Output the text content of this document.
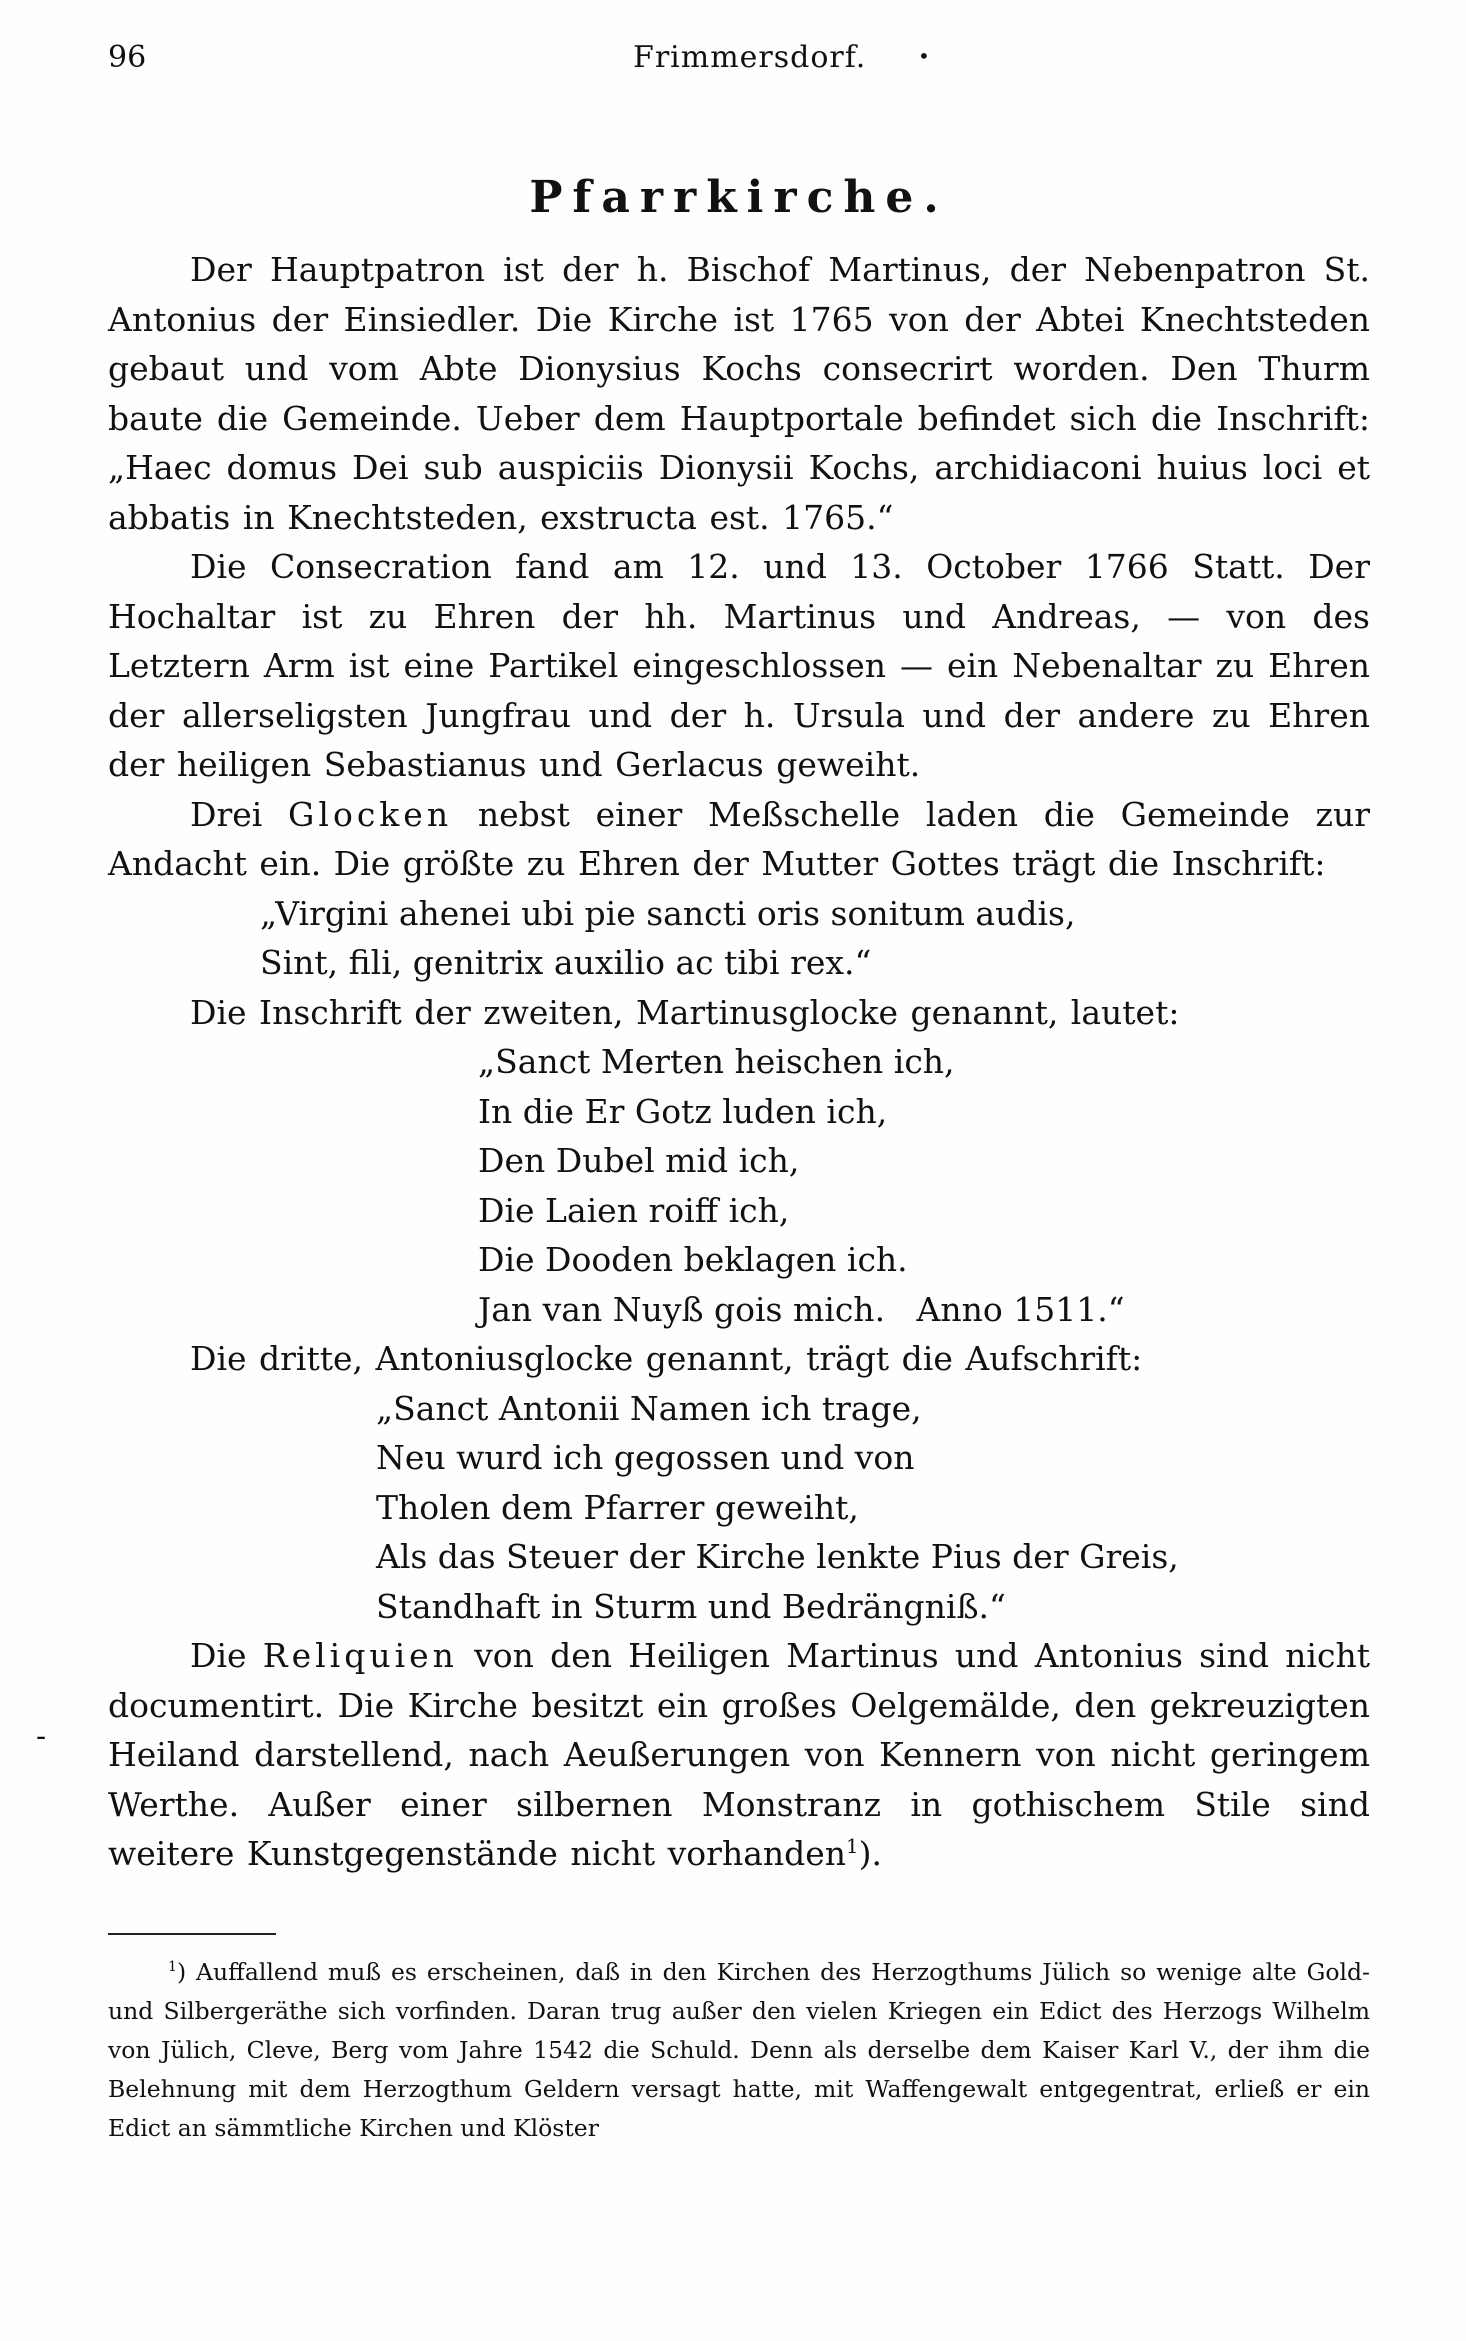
-
96	Frimmersdorf.	•
Pfarrkirche.

Der Hauptpatron ist der h. Bischof Martinus, der Nebenpatron St. Antonius der Einsiedler. Die Kirche ist 1765 von der Abtei Knechtsteden gebaut und vom Abte Dionysius Kochs consecrirt worden. Den Thurm baute die Gemeinde. Ueber dem Hauptportale befindet sich die Inschrift: „Haec domus Dei sub auspiciis Dionysii Kochs, archidiaconi huius loci et abbatis in Knechtsteden, exstructa est. 1765.“

Die Consecration fand am 12. und 13. October 1766 Statt. Der Hochaltar ist zu Ehren der hh. Martinus und Andreas, — von des Letztern Arm ist eine Partikel eingeschlossen — ein Nebenaltar zu Ehren der allerseligsten Jungfrau und der h. Ursula und der andere zu Ehren der heiligen Sebastianus und Gerlacus geweiht.

Drei Glocken nebst einer Meßschelle laden die Gemeinde zur Andacht ein. Die größte zu Ehren der Mutter Gottes trägt die Inschrift:

„Virgini ahenei ubi pie sancti oris sonitum audis,
Sint, fili, genitrix auxilio ac tibi rex.“

Die Inschrift der zweiten, Martinusglocke genannt, lautet:

„Sanct Merten heischen ich,
In die Er Gotz luden ich,
Den Dubel mid ich,
Die Laien roiff ich,
Die Dooden beklagen ich.
Jan van Nuyß gois mich.   Anno 1511.“

Die dritte, Antoniusglocke genannt, trägt die Aufschrift:

„Sanct Antonii Namen ich trage,
Neu wurd ich gegossen und von
Tholen dem Pfarrer geweiht,
Als das Steuer der Kirche lenkte Pius der Greis,
Standhaft in Sturm und Bedrängniß.“

Die Reliquien von den Heiligen Martinus und Antonius sind nicht documentirt. Die Kirche besitzt ein großes Oelgemälde, den gekreuzigten Heiland darstellend, nach Aeußerungen von Kennern von nicht geringem Werthe. Außer einer silbernen Monstranz in gothischem Stile sind weitere Kunstgegenstände nicht vorhanden$^1$).

$^1$) Auffallend muß es erscheinen, daß in den Kirchen des Herzogthums Jülich so wenige alte Gold- und Silbergeräthe sich vorfinden. Daran trug außer den vielen Kriegen ein Edict des Herzogs Wilhelm von Jülich, Cleve, Berg vom Jahre 1542 die Schuld. Denn als derselbe dem Kaiser Karl V., der ihm die Belehnung mit dem Herzogthum Geldern versagt hatte, mit Waffengewalt entgegentrat, erließ er ein Edict an sämmtliche Kirchen und Klöster
